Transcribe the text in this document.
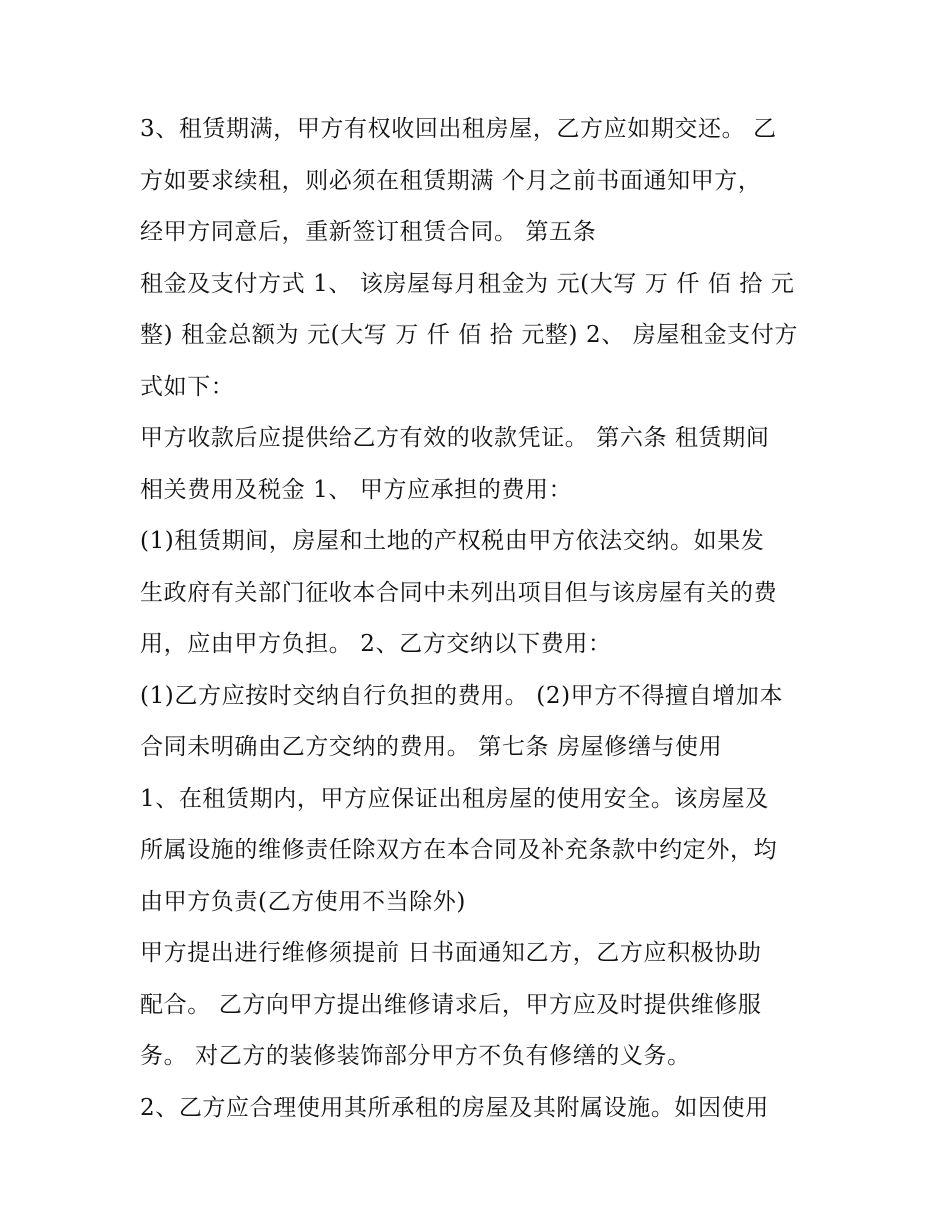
3、租赁期满，甲方有权收回出租房屋，乙方应如期交还。 乙
方如要求续租，则必须在租赁期满 个月之前书面通知甲方，
经甲方同意后，重新签订租赁合同。 第五条
租金及支付方式 1、 该房屋每月租金为 元(大写 万 仟 佰 拾 元
整) 租金总额为 元(大写 万 仟 佰 拾 元整) 2、 房屋租金支付方
式如下：
甲方收款后应提供给乙方有效的收款凭证。 第六条 租赁期间
相关费用及税金 1、 甲方应承担的费用：
(1)租赁期间，房屋和土地的产权税由甲方依法交纳。如果发
生政府有关部门征收本合同中未列出项目但与该房屋有关的费
用，应由甲方负担。 2、乙方交纳以下费用：
(1)乙方应按时交纳自行负担的费用。 (2)甲方不得擅自增加本
合同未明确由乙方交纳的费用。 第七条 房屋修缮与使用
1、在租赁期内，甲方应保证出租房屋的使用安全。该房屋及
所属设施的维修责任除双方在本合同及补充条款中约定外，均
由甲方负责(乙方使用不当除外)
甲方提出进行维修须提前 日书面通知乙方，乙方应积极协助
配合。 乙方向甲方提出维修请求后，甲方应及时提供维修服
务。 对乙方的装修装饰部分甲方不负有修缮的义务。
2、乙方应合理使用其所承租的房屋及其附属设施。如因使用
